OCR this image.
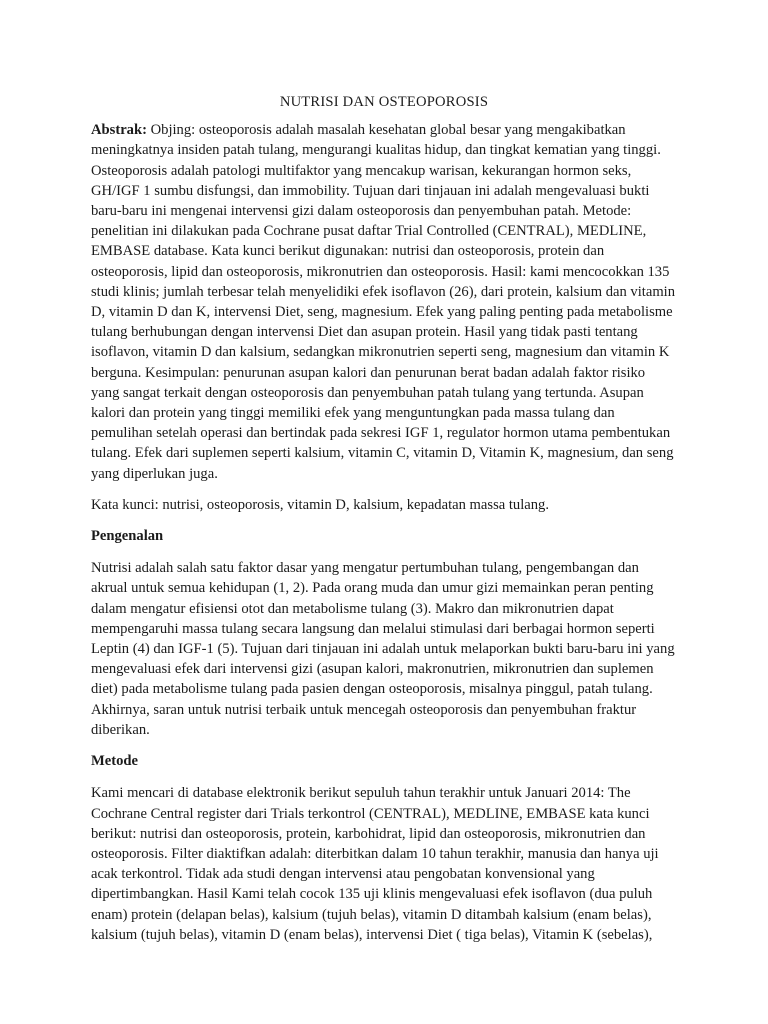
NUTRISI DAN OSTEOPOROSIS

Abstrak: Objing: osteoporosis adalah masalah kesehatan global besar yang mengakibatkan meningkatnya insiden patah tulang, mengurangi kualitas hidup, dan tingkat kematian yang tinggi. Osteoporosis adalah patologi multifaktor yang mencakup warisan, kekurangan hormon seks, GH/IGF 1 sumbu disfungsi, dan immobility. Tujuan dari tinjauan ini adalah mengevaluasi bukti baru-baru ini mengenai intervensi gizi dalam osteoporosis dan penyembuhan patah. Metode: penelitian ini dilakukan pada Cochrane pusat daftar Trial Controlled (CENTRAL), MEDLINE, EMBASE database. Kata kunci berikut digunakan: nutrisi dan osteoporosis, protein dan osteoporosis, lipid dan osteoporosis, mikronutrien dan osteoporosis. Hasil: kami mencocokkan 135 studi klinis; jumlah terbesar telah menyelidiki efek isoflavon (26), dari protein, kalsium dan vitamin D, vitamin D dan K, intervensi Diet, seng, magnesium. Efek yang paling penting pada metabolisme tulang berhubungan dengan intervensi Diet dan asupan protein. Hasil yang tidak pasti tentang isoflavon, vitamin D dan kalsium, sedangkan mikronutrien seperti seng, magnesium dan vitamin K berguna. Kesimpulan: penurunan asupan kalori dan penurunan berat badan adalah faktor risiko yang sangat terkait dengan osteoporosis dan penyembuhan patah tulang yang tertunda. Asupan kalori dan protein yang tinggi memiliki efek yang menguntungkan pada massa tulang dan pemulihan setelah operasi dan bertindak pada sekresi IGF 1, regulator hormon utama pembentukan tulang. Efek dari suplemen seperti kalsium, vitamin C, vitamin D, Vitamin K, magnesium, dan seng yang diperlukan juga.

Kata kunci: nutrisi, osteoporosis, vitamin D, kalsium, kepadatan massa tulang.

Pengenalan

Nutrisi adalah salah satu faktor dasar yang mengatur pertumbuhan tulang, pengembangan dan akrual untuk semua kehidupan (1, 2). Pada orang muda dan umur gizi memainkan peran penting dalam mengatur efisiensi otot dan metabolisme tulang (3). Makro dan mikronutrien dapat mempengaruhi massa tulang secara langsung dan melalui stimulasi dari berbagai hormon seperti Leptin (4) dan IGF-1 (5). Tujuan dari tinjauan ini adalah untuk melaporkan bukti baru-baru ini yang mengevaluasi efek dari intervensi gizi (asupan kalori, makronutrien, mikronutrien dan suplemen diet) pada metabolisme tulang pada pasien dengan osteoporosis, misalnya pinggul, patah tulang. Akhirnya, saran untuk nutrisi terbaik untuk mencegah osteoporosis dan penyembuhan fraktur diberikan.

Metode

Kami mencari di database elektronik berikut sepuluh tahun terakhir untuk Januari 2014: The Cochrane Central register dari Trials terkontrol (CENTRAL), MEDLINE, EMBASE kata kunci berikut: nutrisi dan osteoporosis, protein, karbohidrat, lipid dan osteoporosis, mikronutrien dan osteoporosis. Filter diaktifkan adalah: diterbitkan dalam 10 tahun terakhir, manusia dan hanya uji acak terkontrol. Tidak ada studi dengan intervensi atau pengobatan konvensional yang dipertimbangkan. Hasil Kami telah cocok 135 uji klinis mengevaluasi efek isoflavon (dua puluh enam) protein (delapan belas), kalsium (tujuh belas), vitamin D ditambah kalsium (enam belas), kalsium (tujuh belas), vitamin D (enam belas), intervensi Diet ( tiga belas), Vitamin K (sebelas),
